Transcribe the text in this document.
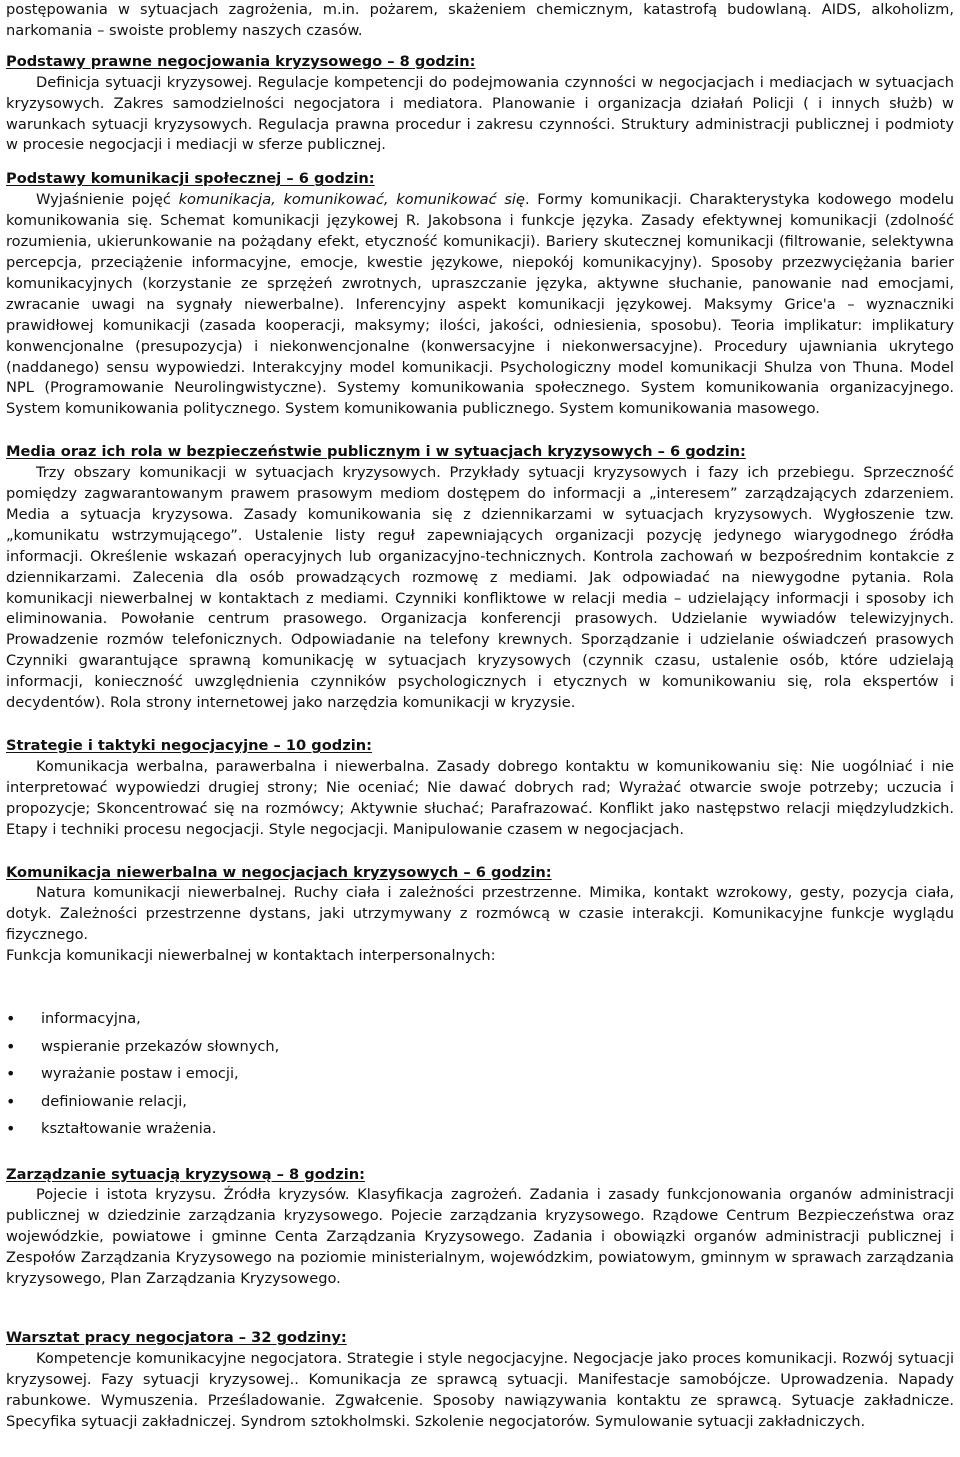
postępowania w sytuacjach zagrożenia, m.in. pożarem, skażeniem chemicznym, katastrofą budowlaną. AIDS, alkoholizm, narkomania – swoiste problemy naszych czasów.

Podstawy prawne negocjowania kryzysowego – 8 godzin:

Definicja sytuacji kryzysowej. Regulacje kompetencji do podejmowania czynności w negocjacjach i mediacjach w sytuacjach kryzysowych. Zakres samodzielności negocjatora i mediatora. Planowanie i organizacja działań Policji ( i innych służb) w warunkach sytuacji kryzysowych. Regulacja prawna procedur i zakresu czynności. Struktury administracji publicznej i podmioty w procesie negocjacji i mediacji w sferze publicznej.

Podstawy komunikacji społecznej – 6 godzin:

Wyjaśnienie pojęć komunikacja, komunikować, komunikować się. Formy komunikacji. Charakterystyka kodowego modelu komunikowania się. Schemat komunikacji językowej R. Jakobsona i funkcje języka. Zasady efektywnej komunikacji (zdolność rozumienia, ukierunkowanie na pożądany efekt, etyczność komunikacji). Bariery skutecznej komunikacji (filtrowanie, selektywna percepcja, przeciążenie informacyjne, emocje, kwestie językowe, niepokój komunikacyjny). Sposoby przezwyciężania barier komunikacyjnych (korzystanie ze sprzężeń zwrotnych, upraszczanie języka, aktywne słuchanie, panowanie nad emocjami, zwracanie uwagi na sygnały niewerbalne). Inferencyjny aspekt komunikacji językowej. Maksymy Grice'a – wyznaczniki prawidłowej komunikacji (zasada kooperacji, maksymy; ilości, jakości, odniesienia, sposobu). Teoria implikatur: implikatury konwencjonalne (presupozycja) i niekonwencjonalne (konwersacyjne i niekonwersacyjne). Procedury ujawniania ukrytego (naddanego) sensu wypowiedzi. Interakcyjny model komunikacji. Psychologiczny model komunikacji Shulza von Thuna. Model NPL (Programowanie Neurolingwistyczne). Systemy komunikowania społecznego. System komunikowania organizacyjnego. System komunikowania politycznego. System komunikowania publicznego. System komunikowania masowego.

Media oraz ich rola w bezpieczeństwie publicznym i w sytuacjach kryzysowych – 6 godzin:

Trzy obszary komunikacji w sytuacjach kryzysowych. Przykłady sytuacji kryzysowych i fazy ich przebiegu. Sprzeczność pomiędzy zagwarantowanym prawem prasowym mediom dostępem do informacji a „interesem” zarządzających zdarzeniem. Media a sytuacja kryzysowa. Zasady komunikowania się z dziennikarzami w sytuacjach kryzysowych. Wygłoszenie tzw. „komunikatu wstrzymującego”. Ustalenie listy reguł zapewniających organizacji pozycję jedynego wiarygodnego źródła informacji. Określenie wskazań operacyjnych lub organizacyjno-technicznych. Kontrola zachowań w bezpośrednim kontakcie z dziennikarzami. Zalecenia dla osób prowadzących rozmowę z mediami. Jak odpowiadać na niewygodne pytania. Rola komunikacji niewerbalnej w kontaktach z mediami. Czynniki konfliktowe w relacji media – udzielający informacji i sposoby ich eliminowania. Powołanie centrum prasowego. Organizacja konferencji prasowych. Udzielanie wywiadów telewizyjnych. Prowadzenie rozmów telefonicznych. Odpowiadanie na telefony krewnych. Sporządzanie i udzielanie oświadczeń prasowych Czynniki gwarantujące sprawną komunikację w sytuacjach kryzysowych (czynnik czasu, ustalenie osób, które udzielają informacji, konieczność uwzględnienia czynników psychologicznych i etycznych w komunikowaniu się, rola ekspertów i decydentów). Rola strony internetowej jako narzędzia komunikacji w kryzysie.

Strategie i taktyki negocjacyjne – 10 godzin:

Komunikacja werbalna, parawerbalna i niewerbalna. Zasady dobrego kontaktu w komunikowaniu się: Nie uogólniać i nie interpretować wypowiedzi drugiej strony; Nie oceniać; Nie dawać dobrych rad; Wyrażać otwarcie swoje potrzeby; uczucia i propozycje; Skoncentrować się na rozmówcy; Aktywnie słuchać; Parafrazować. Konflikt jako następstwo relacji międzyludzkich. Etapy i techniki procesu negocjacji. Style negocjacji. Manipulowanie czasem w negocjacjach.

Komunikacja niewerbalna w negocjacjach kryzysowych – 6 godzin:

Natura komunikacji niewerbalnej. Ruchy ciała i zależności przestrzenne. Mimika, kontakt wzrokowy, gesty, pozycja ciała, dotyk. Zależności przestrzenne dystans, jaki utrzymywany z rozmówcą w czasie interakcji. Komunikacyjne funkcje wyglądu fizycznego.

Funkcja komunikacji niewerbalnej w kontaktach interpersonalnych:

• informacyjna,
• wspieranie przekazów słownych,
• wyrażanie postaw i emocji,
• definiowanie relacji,
• kształtowanie wrażenia.

Zarządzanie sytuacją kryzysową – 8 godzin:

Pojecie i istota kryzysu. Źródła kryzysów. Klasyfikacja zagrożeń. Zadania i zasady funkcjonowania organów administracji publicznej w dziedzinie zarządzania kryzysowego. Pojecie zarządzania kryzysowego. Rządowe Centrum Bezpieczeństwa oraz wojewódzkie, powiatowe i gminne Centa Zarządzania Kryzysowego. Zadania i obowiązki organów administracji publicznej i Zespołów Zarządzania Kryzysowego na poziomie ministerialnym, wojewódzkim, powiatowym, gminnym w sprawach zarządzania kryzysowego, Plan Zarządzania Kryzysowego.

Warsztat pracy negocjatora – 32 godziny:

Kompetencje komunikacyjne negocjatora. Strategie i style negocjacyjne. Negocjacje jako proces komunikacji. Rozwój sytuacji kryzysowej. Fazy sytuacji kryzysowej.. Komunikacja ze sprawcą sytuacji. Manifestacje samobójcze. Uprowadzenia. Napady rabunkowe. Wymuszenia. Prześladowanie. Zgwałcenie. Sposoby nawiązywania kontaktu ze sprawcą. Sytuacje zakładnicze. Specyfika sytuacji zakładniczej. Syndrom sztokholmski. Szkolenie negocjatorów. Symulowanie sytuacji zakładniczych.
